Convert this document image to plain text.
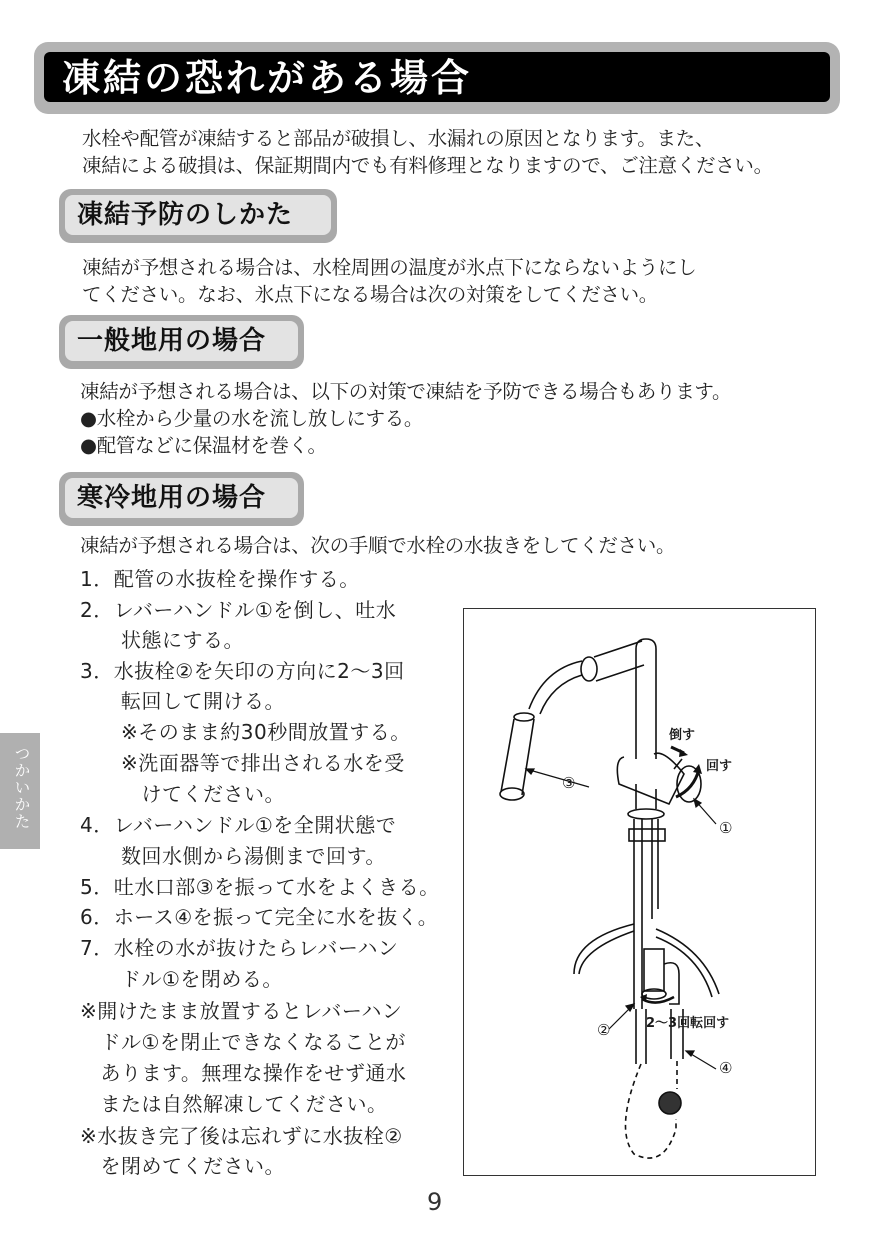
凍結の恐れがある場合
水栓や配管が凍結すると部品が破損し、水漏れの原因となります。また、
凍結による破損は、保証期間内でも有料修理となりますので、ご注意ください。
凍結予防のしかた
凍結が予想される場合は、水栓周囲の温度が氷点下にならないようにし
てください。なお、氷点下になる場合は次の対策をしてください。
一般地用の場合
凍結が予想される場合は、以下の対策で凍結を予防できる場合もあります。
●水栓から少量の水を流し放しにする。
●配管などに保温材を巻く。
寒冷地用の場合
凍結が予想される場合は、次の手順で水栓の水抜きをしてください。
1．配管の水抜栓を操作する。
2．レバーハンドル①を倒し、吐水
　　状態にする。
3．水抜栓②を矢印の方向に2〜3回
　　転回して開ける。
　　※そのまま約30秒間放置する。
　　※洗面器等で排出される水を受
　　　けてください。
4．レバーハンドル①を全開状態で
　　数回水側から湯側まで回す。
5．吐水口部③を振って水をよくきる。
6．ホース④を振って完全に水を抜く。
7．水栓の水が抜けたらレバーハン
　　ドル①を閉める。
※開けたまま放置するとレバーハン
　ドル①を閉止できなくなることが
　あります。無理な操作をせず通水
　または自然解凍してください。
※水抜き完了後は忘れずに水抜栓②
　を閉めてください。
つかいかた
倒す
回す
2〜3回転回す
①
②
③
④
9
